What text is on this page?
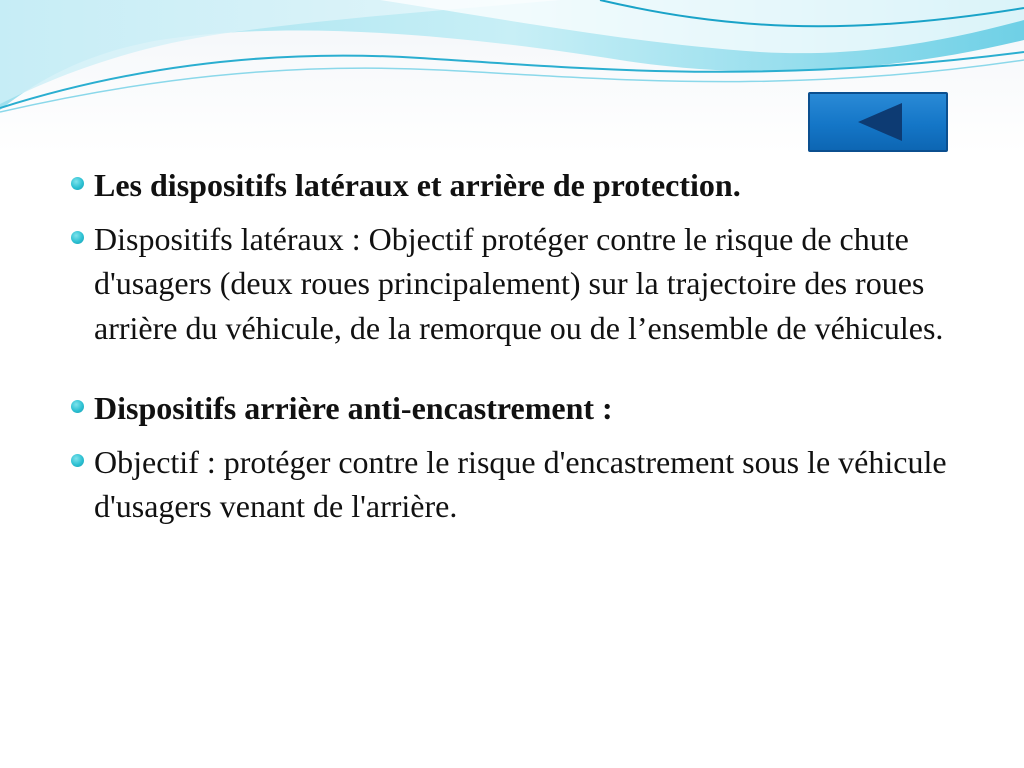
Les dispositifs latéraux et arrière de protection.
Dispositifs latéraux : Objectif protéger contre le risque de chute d'usagers (deux roues principalement) sur la trajectoire des roues arrière du véhicule, de la remorque ou de l’ensemble de véhicules.
Dispositifs arrière anti-encastrement :
Objectif : protéger contre le risque d'encastrement sous le véhicule d'usagers venant de l'arrière.
